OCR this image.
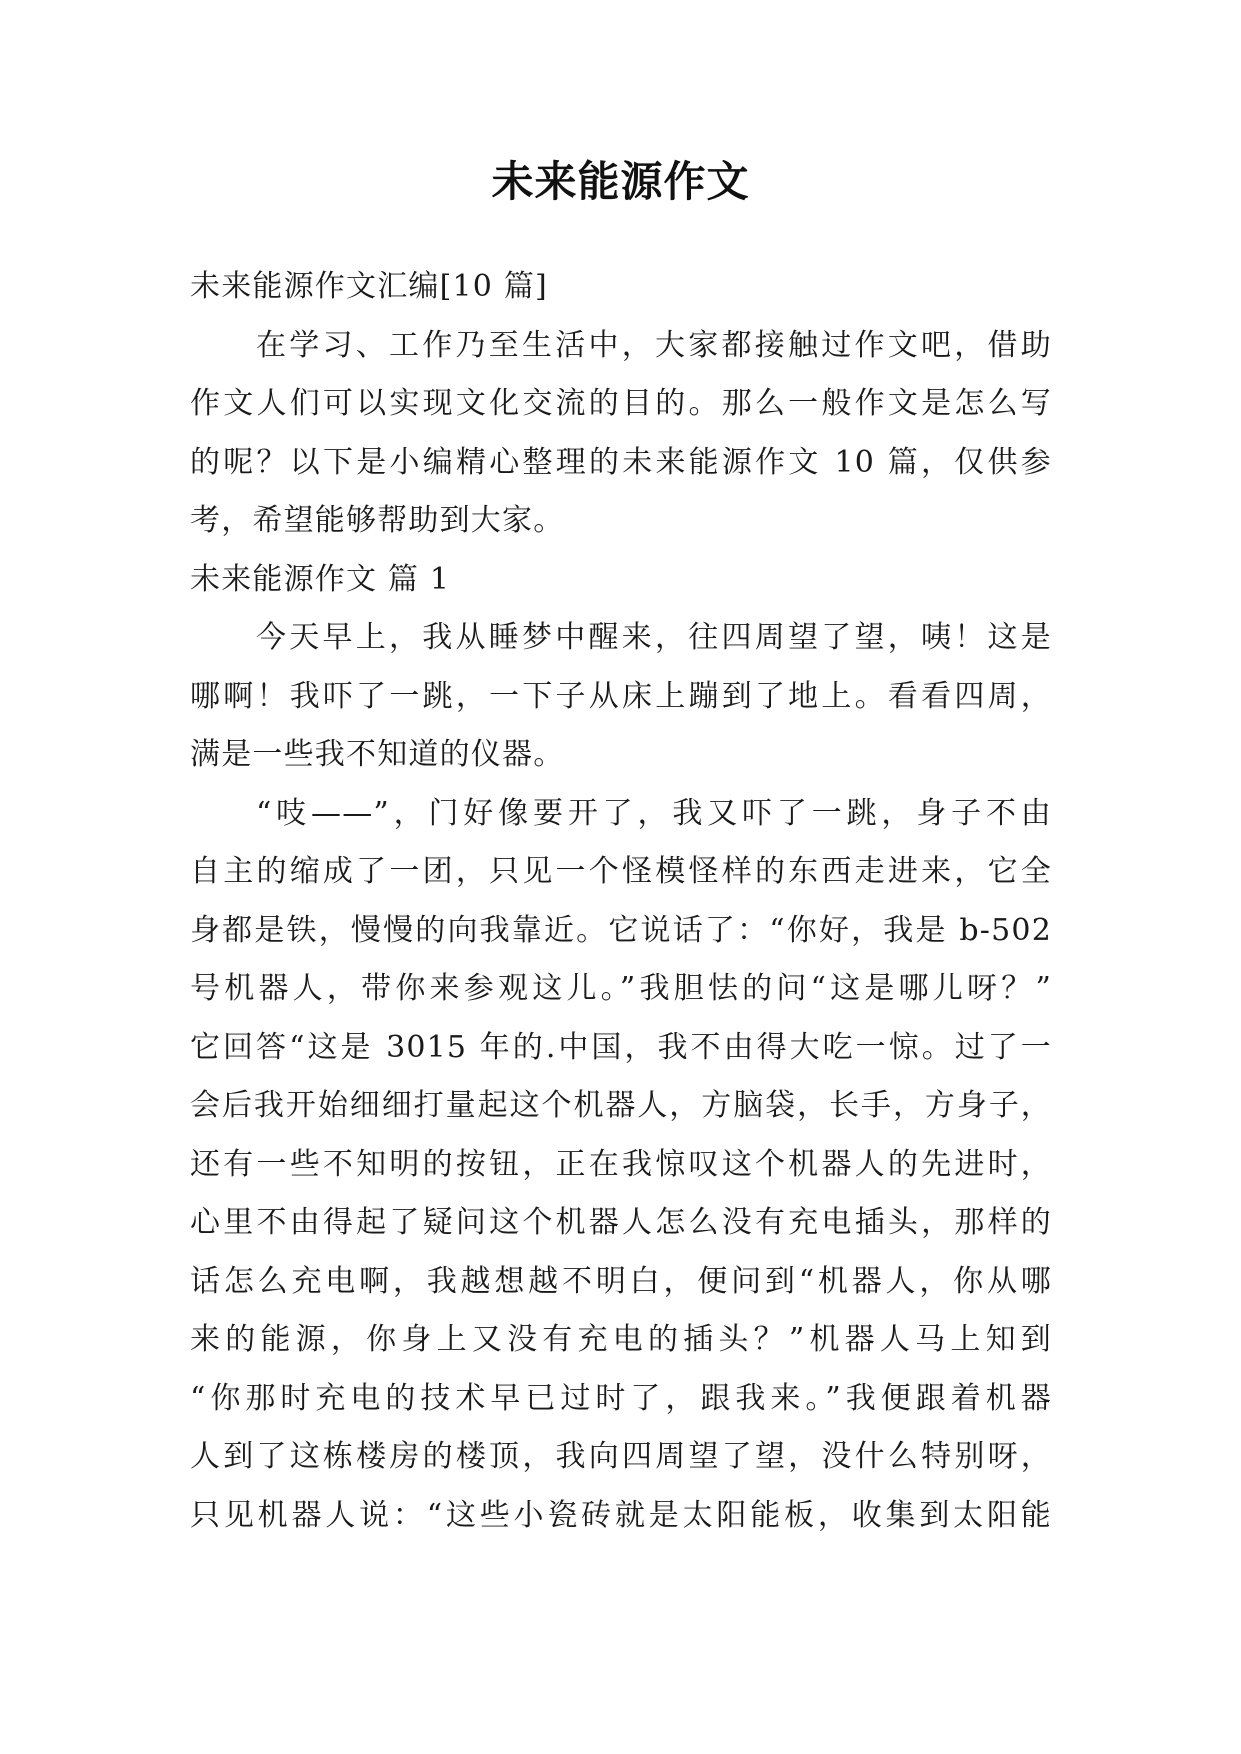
未来能源作文
未来能源作文汇编[10 篇]
在学习、工作乃至生活中，大家都接触过作文吧，借助
作文人们可以实现文化交流的目的。那么一般作文是怎么写
的呢？以下是小编精心整理的未来能源作文 10 篇，仅供参
考，希望能够帮助到大家。
未来能源作文 篇 1
今天早上，我从睡梦中醒来，往四周望了望，咦！这是
哪啊！我吓了一跳，一下子从床上蹦到了地上。看看四周，
满是一些我不知道的仪器。
“吱——”，门好像要开了，我又吓了一跳，身子不由
自主的缩成了一团，只见一个怪模怪样的东西走进来，它全
身都是铁，慢慢的向我靠近。它说话了：“你好，我是 b-502
号机器人，带你来参观这儿。”我胆怯的问“这是哪儿呀？”
它回答“这是 3015 年的.中国，我不由得大吃一惊。过了一
会后我开始细细打量起这个机器人，方脑袋，长手，方身子，
还有一些不知明的按钮，正在我惊叹这个机器人的先进时，
心里不由得起了疑问这个机器人怎么没有充电插头，那样的
话怎么充电啊，我越想越不明白，便问到“机器人，你从哪
来的能源，你身上又没有充电的插头？”机器人马上知到
“你那时充电的技术早已过时了，跟我来。”我便跟着机器
人到了这栋楼房的楼顶，我向四周望了望，没什么特别呀，
只见机器人说：“这些小瓷砖就是太阳能板，收集到太阳能
